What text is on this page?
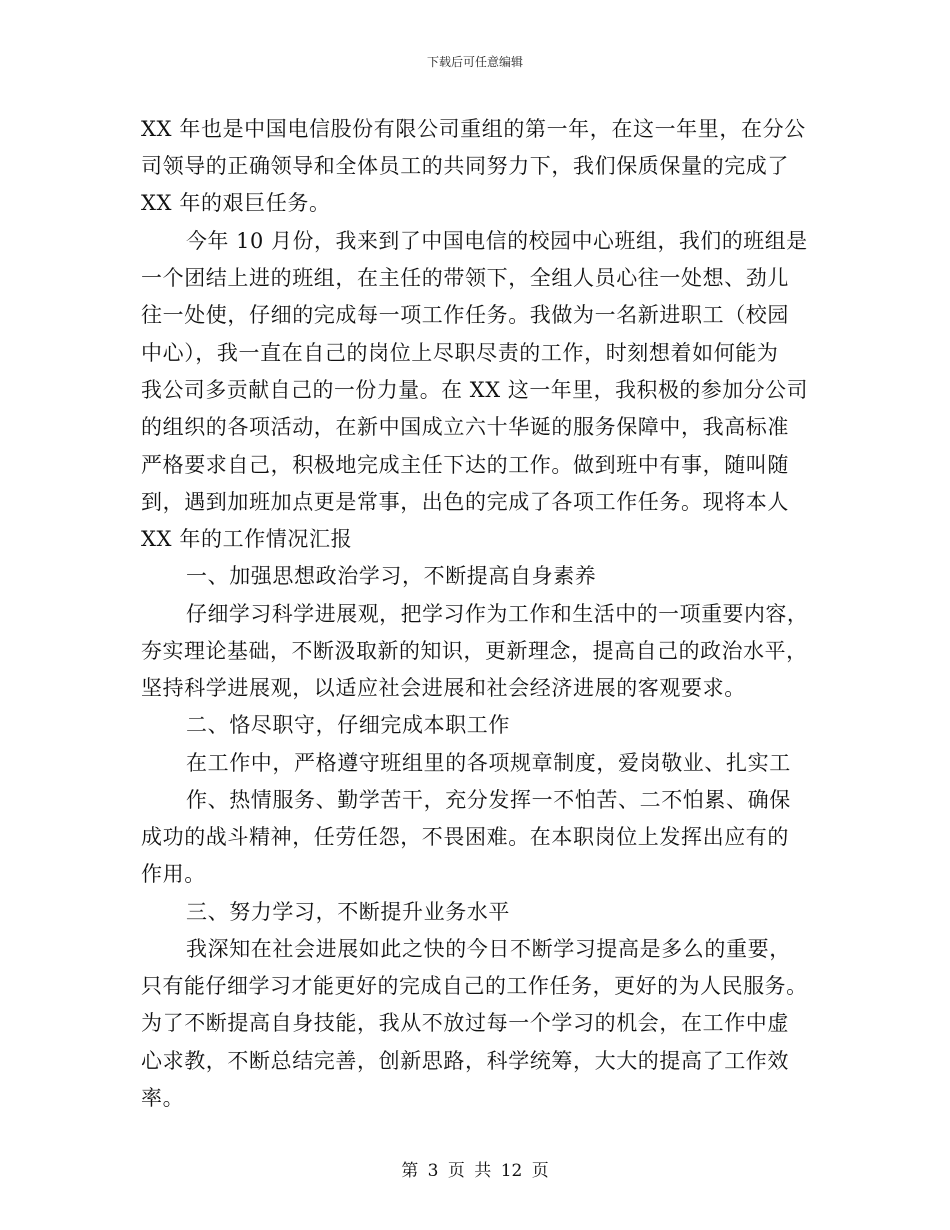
下载后可任意编辑
XX 年也是中国电信股份有限公司重组的第一年，在这一年里，在分公
司领导的正确领导和全体员工的共同努力下，我们保质保量的完成了
XX 年的艰巨任务。
今年 10 月份，我来到了中国电信的校园中心班组，我们的班组是
一个团结上进的班组，在主任的带领下，全组人员心往一处想、劲儿
往一处使，仔细的完成每一项工作任务。我做为一名新进职工（校园
中心），我一直在自己的岗位上尽职尽责的工作，时刻想着如何能为
我公司多贡献自己的一份力量。在 XX 这一年里，我积极的参加分公司
的组织的各项活动，在新中国成立六十华诞的服务保障中，我高标准
严格要求自己，积极地完成主任下达的工作。做到班中有事，随叫随
到，遇到加班加点更是常事，出色的完成了各项工作任务。现将本人
XX 年的工作情况汇报
一、加强思想政治学习，不断提高自身素养
仔细学习科学进展观，把学习作为工作和生活中的一项重要内容，
夯实理论基础，不断汲取新的知识，更新理念，提高自己的政治水平，
坚持科学进展观，以适应社会进展和社会经济进展的客观要求。
二、恪尽职守，仔细完成本职工作
在工作中，严格遵守班组里的各项规章制度，爱岗敬业、扎实工
作、热情服务、勤学苦干，充分发挥一不怕苦、二不怕累、确保
成功的战斗精神，任劳任怨，不畏困难。在本职岗位上发挥出应有的
作用。
三、努力学习，不断提升业务水平
我深知在社会进展如此之快的今日不断学习提高是多么的重要，
只有能仔细学习才能更好的完成自己的工作任务，更好的为人民服务。
为了不断提高自身技能，我从不放过每一个学习的机会，在工作中虚
心求教，不断总结完善，创新思路，科学统筹，大大的提高了工作效
率。
第 3 页 共 12 页
